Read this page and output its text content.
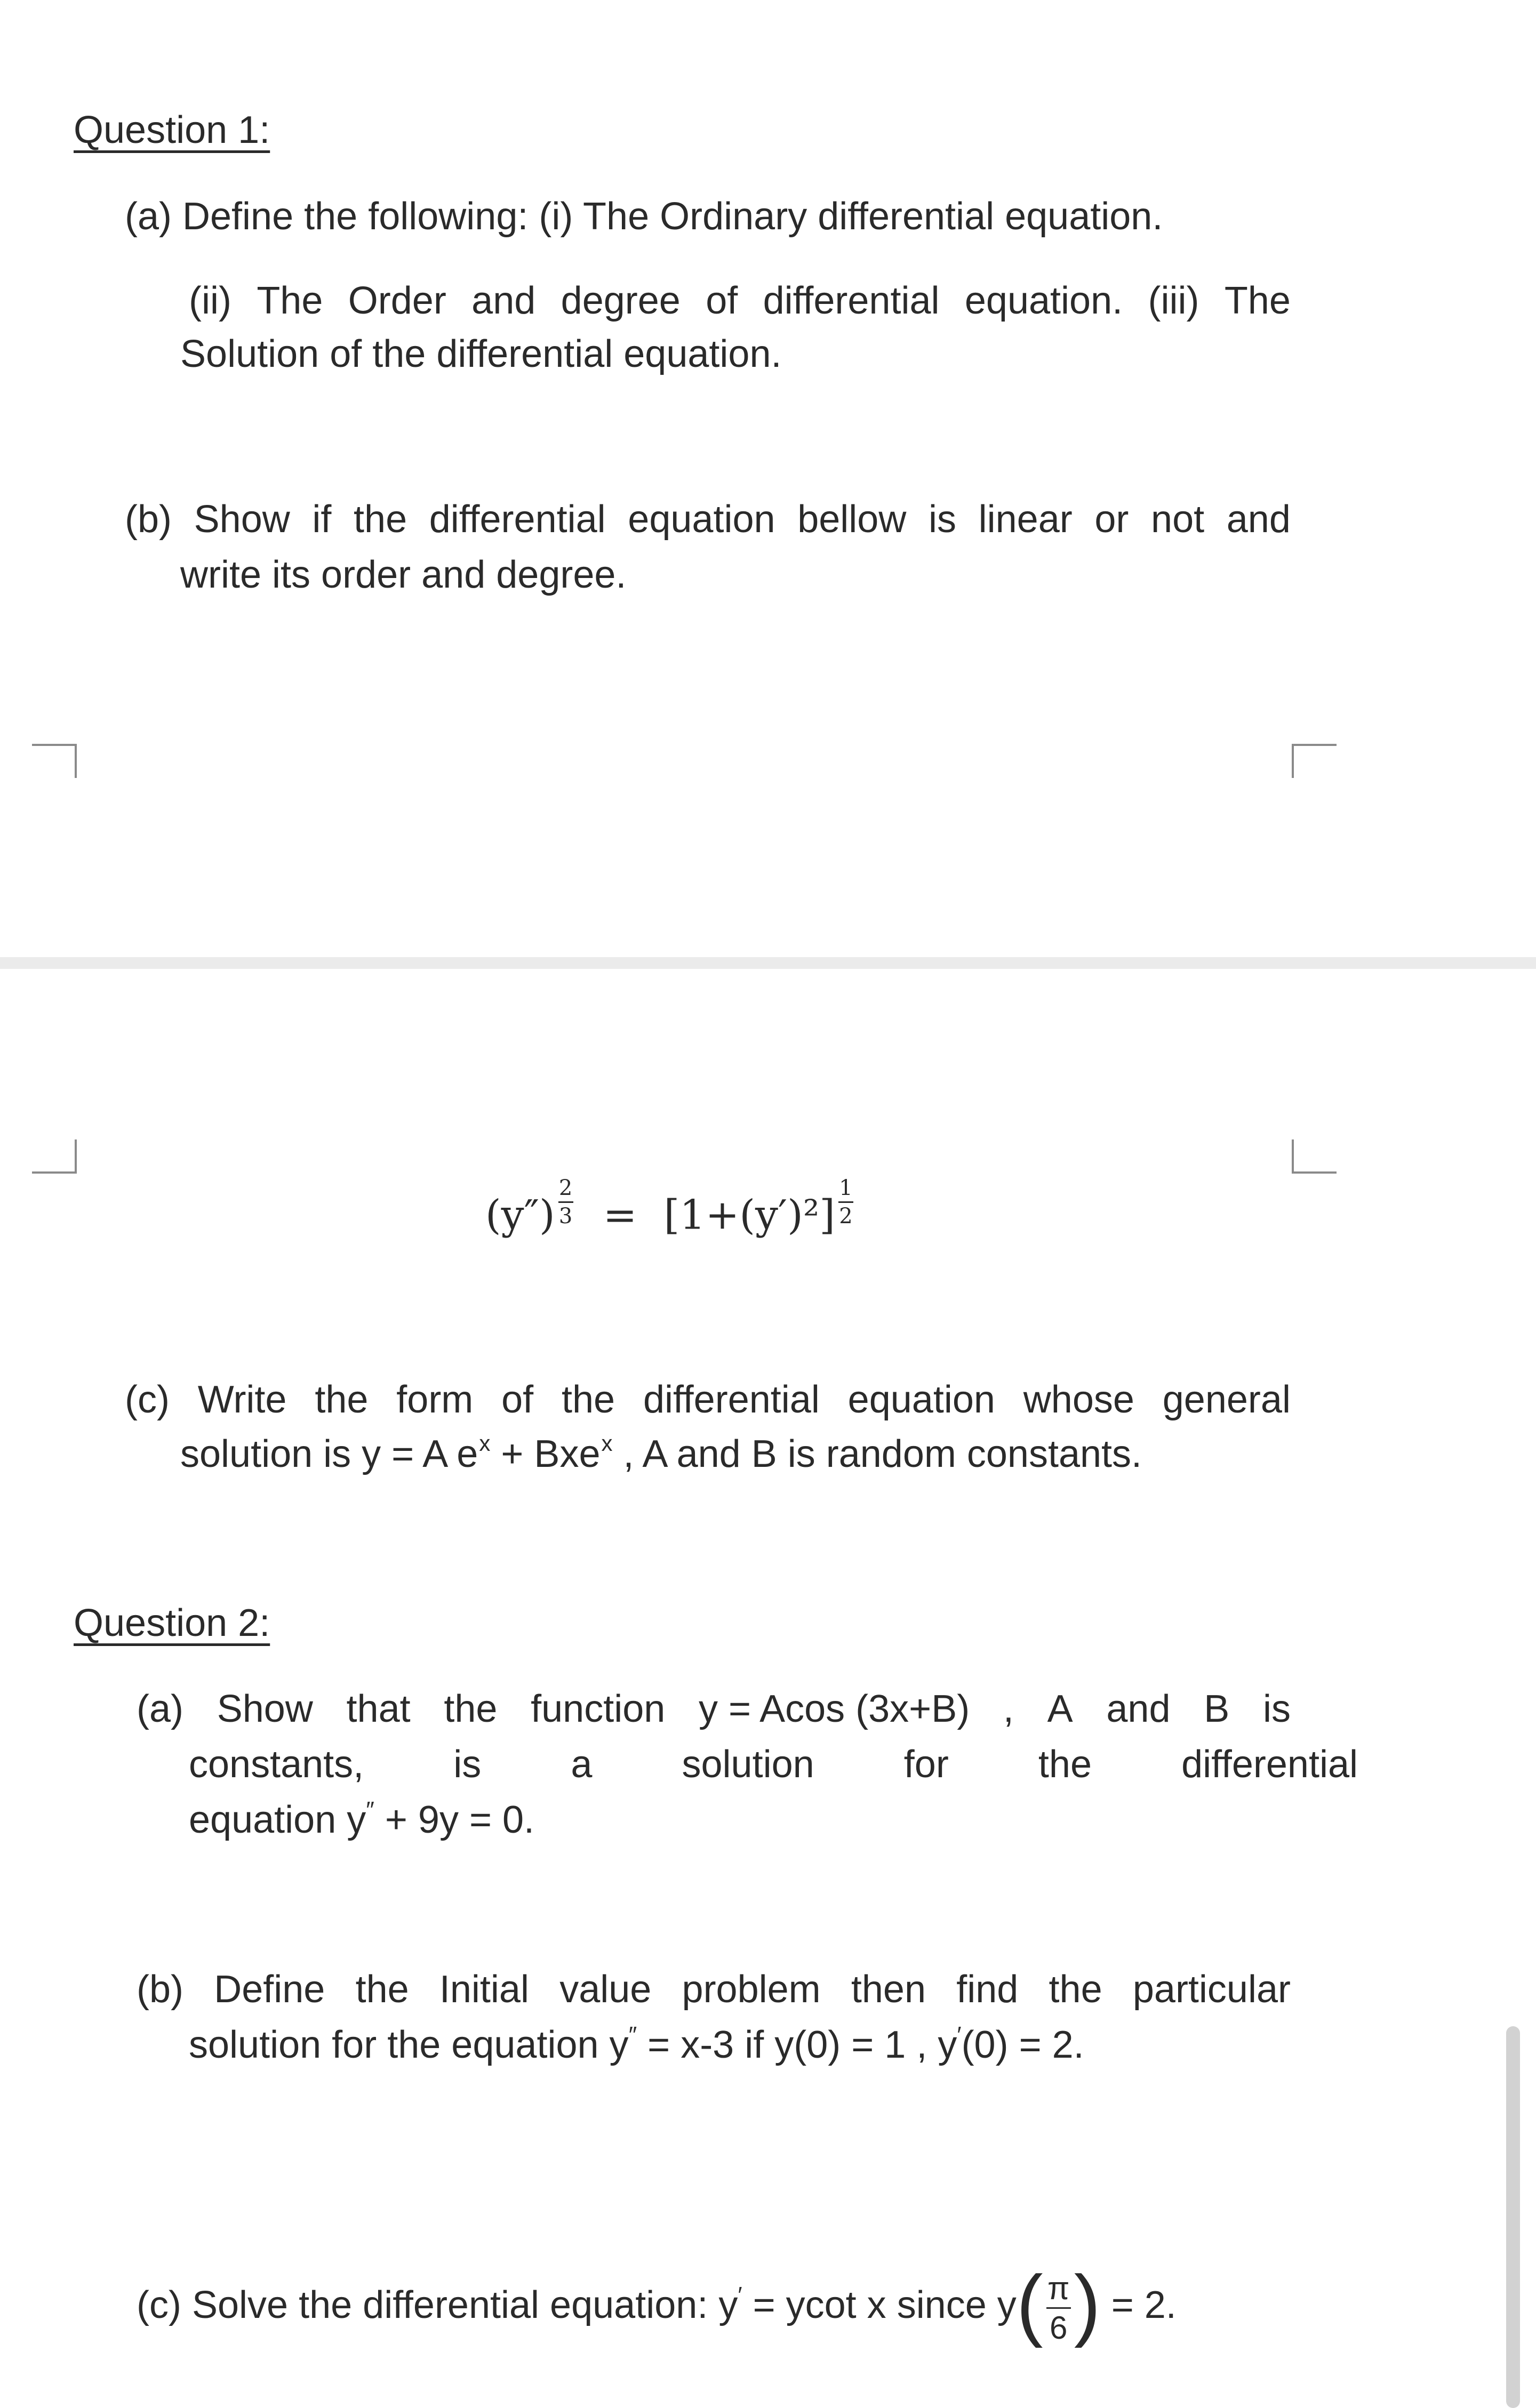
Question 1:
(a) Define the following: (i) The Ordinary differential equation.
(ii) The Order and degree of differential equation. (iii) The
Solution of the differential equation.
(b) Show if the differential equation bellow is linear or not and
write its order and degree.
$(y'') \frac{2}{3} = [1+(y')^2] \frac{1}{2}$
(c) Write the form of the differential equation whose general
solution is y = A $e^x + Bxe^x$ , A and B is random constants.
Question 2:
(a) Show that the function y = Acos (3x+B) , A and B is
constants, is a solution for the differential
equation y″ + 9y = 0.
(b) Define the Initial value problem then find the particular
solution for the equation y″ = x-3 if y(0) = 1 , y′(0) = 2.
(c) Solve the differential equation: y′ = ycot x since $y( \frac{\pi}{6}$ ) = 2.
